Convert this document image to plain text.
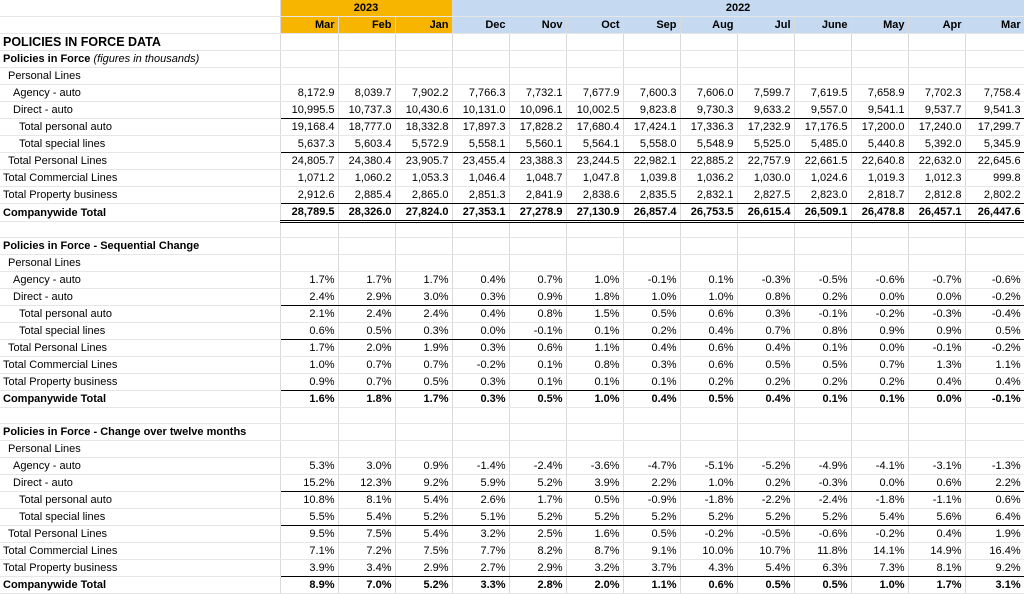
	2023			2022									
	Mar	Feb	Jan	Dec	Nov	Oct	Sep	Aug	Jul	June	May	Apr	Mar
POLICIES IN FORCE DATA													
Policies in Force (figures in thousands)													
Personal Lines													
Agency - auto	8,172.9	8,039.7	7,902.2	7,766.3	7,732.1	7,677.9	7,600.3	7,606.0	7,599.7	7,619.5	7,658.9	7,702.3	7,758.4
Direct - auto	10,995.5	10,737.3	10,430.6	10,131.0	10,096.1	10,002.5	9,823.8	9,730.3	9,633.2	9,557.0	9,541.1	9,537.7	9,541.3
Total personal auto	19,168.4	18,777.0	18,332.8	17,897.3	17,828.2	17,680.4	17,424.1	17,336.3	17,232.9	17,176.5	17,200.0	17,240.0	17,299.7
Total special lines	5,637.3	5,603.4	5,572.9	5,558.1	5,560.1	5,564.1	5,558.0	5,548.9	5,525.0	5,485.0	5,440.8	5,392.0	5,345.9
Total Personal Lines	24,805.7	24,380.4	23,905.7	23,455.4	23,388.3	23,244.5	22,982.1	22,885.2	22,757.9	22,661.5	22,640.8	22,632.0	22,645.6
Total Commercial Lines	1,071.2	1,060.2	1,053.3	1,046.4	1,048.7	1,047.8	1,039.8	1,036.2	1,030.0	1,024.6	1,019.3	1,012.3	999.8
Total Property business	2,912.6	2,885.4	2,865.0	2,851.3	2,841.9	2,838.6	2,835.5	2,832.1	2,827.5	2,823.0	2,818.7	2,812.8	2,802.2
Companywide Total	28,789.5	28,326.0	27,824.0	27,353.1	27,278.9	27,130.9	26,857.4	26,753.5	26,615.4	26,509.1	26,478.8	26,457.1	26,447.6

Policies in Force - Sequential Change													
Personal Lines													
Agency - auto	1.7%	1.7%	1.7%	0.4%	0.7%	1.0%	-0.1%	0.1%	-0.3%	-0.5%	-0.6%	-0.7%	-0.6%
Direct - auto	2.4%	2.9%	3.0%	0.3%	0.9%	1.8%	1.0%	1.0%	0.8%	0.2%	0.0%	0.0%	-0.2%
Total personal auto	2.1%	2.4%	2.4%	0.4%	0.8%	1.5%	0.5%	0.6%	0.3%	-0.1%	-0.2%	-0.3%	-0.4%
Total special lines	0.6%	0.5%	0.3%	0.0%	-0.1%	0.1%	0.2%	0.4%	0.7%	0.8%	0.9%	0.9%	0.5%
Total Personal Lines	1.7%	2.0%	1.9%	0.3%	0.6%	1.1%	0.4%	0.6%	0.4%	0.1%	0.0%	-0.1%	-0.2%
Total Commercial Lines	1.0%	0.7%	0.7%	-0.2%	0.1%	0.8%	0.3%	0.6%	0.5%	0.5%	0.7%	1.3%	1.1%
Total Property business	0.9%	0.7%	0.5%	0.3%	0.1%	0.1%	0.1%	0.2%	0.2%	0.2%	0.2%	0.4%	0.4%
Companywide Total	1.6%	1.8%	1.7%	0.3%	0.5%	1.0%	0.4%	0.5%	0.4%	0.1%	0.1%	0.0%	-0.1%

Policies in Force - Change over twelve months													
Personal Lines													
Agency - auto	5.3%	3.0%	0.9%	-1.4%	-2.4%	-3.6%	-4.7%	-5.1%	-5.2%	-4.9%	-4.1%	-3.1%	-1.3%
Direct - auto	15.2%	12.3%	9.2%	5.9%	5.2%	3.9%	2.2%	1.0%	0.2%	-0.3%	0.0%	0.6%	2.2%
Total personal auto	10.8%	8.1%	5.4%	2.6%	1.7%	0.5%	-0.9%	-1.8%	-2.2%	-2.4%	-1.8%	-1.1%	0.6%
Total special lines	5.5%	5.4%	5.2%	5.1%	5.2%	5.2%	5.2%	5.2%	5.2%	5.2%	5.4%	5.6%	6.4%
Total Personal Lines	9.5%	7.5%	5.4%	3.2%	2.5%	1.6%	0.5%	-0.2%	-0.5%	-0.6%	-0.2%	0.4%	1.9%
Total Commercial Lines	7.1%	7.2%	7.5%	7.7%	8.2%	8.7%	9.1%	10.0%	10.7%	11.8%	14.1%	14.9%	16.4%
Total Property business	3.9%	3.4%	2.9%	2.7%	2.9%	3.2%	3.7%	4.3%	5.4%	6.3%	7.3%	8.1%	9.2%
Companywide Total	8.9%	7.0%	5.2%	3.3%	2.8%	2.0%	1.1%	0.6%	0.5%	0.5%	1.0%	1.7%	3.1%
